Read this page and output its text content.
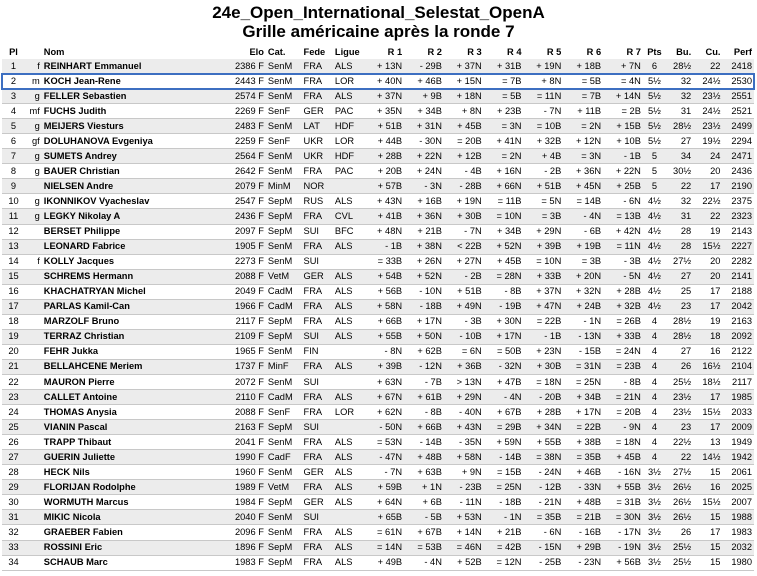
24e_Open_International_Selestat_OpenA
Grille américaine après la ronde 7
Pl		Nom	Elo	Cat.	Fede	Ligue	R 1	R 2	R 3	R 4	R 5	R 6	R 7	Pts	Bu.	Cu.	Perf
1	f	REINHART Emmanuel	2386 F	SenM	FRA	ALS	+ 13N	- 29B	+ 37N	+ 31B	+ 19N	+ 18B	+ 7N	6	28½	22	2418
2	m	KOCH Jean-Rene	2443 F	SenM	FRA	LOR	+ 40N	+ 46B	+ 15N	= 7B	+ 8N	= 5B	= 4N	5½	32	24½	2530
3	g	FELLER Sebastien	2574 F	SenM	FRA	ALS	+ 37N	+ 9B	+ 18N	= 5B	= 11N	= 7B	+ 14N	5½	32	23½	2551
4	mf	FUCHS Judith	2269 F	SenF	GER	PAC	+ 35N	+ 34B	+ 8N	+ 23B	- 7N	+ 11B	= 2B	5½	31	24½	2521
5	g	MEIJERS Viesturs	2483 F	SenM	LAT	HDF	+ 51B	+ 31N	+ 45B	= 3N	= 10B	= 2N	+ 15B	5½	28½	23½	2499
6	gf	DOLUHANOVA Evgeniya	2259 F	SenF	UKR	LOR	+ 44B	- 30N	= 20B	+ 41N	+ 32B	+ 12N	+ 10B	5½	27	19½	2294
7	g	SUMETS Andrey	2564 F	SenM	UKR	HDF	+ 28B	+ 22N	+ 12B	= 2N	+ 4B	= 3N	- 1B	5	34	24	2471
8	g	BAUER Christian	2642 F	SenM	FRA	PAC	+ 20B	+ 24N	- 4B	+ 16N	- 2B	+ 36N	+ 22N	5	30½	20	2436
9		NIELSEN Andre	2079 F	MinM	NOR		+ 57B	- 3N	- 28B	+ 66N	+ 51B	+ 45N	+ 25B	5	22	17	2190
10	g	IKONNIKOV Vyacheslav	2547 F	SepM	RUS	ALS	+ 43N	+ 16B	+ 19N	= 11B	= 5N	= 14B	- 6N	4½	32	22½	2375
11	g	LEGKY Nikolay A	2436 F	SepM	FRA	CVL	+ 41B	+ 36N	+ 30B	= 10N	= 3B	- 4N	= 13B	4½	31	22	2323
12		BERSET Philippe	2097 F	SepM	SUI	BFC	+ 48N	+ 21B	- 7N	+ 34B	+ 29N	- 6B	+ 42N	4½	28	19	2143
13		LEONARD Fabrice	1905 F	SenM	FRA	ALS	- 1B	+ 38N	< 22B	+ 52N	+ 39B	+ 19B	= 11N	4½	28	15½	2227
14	f	KOLLY Jacques	2273 F	SenM	SUI		= 33B	+ 26N	+ 27N	+ 45B	= 10N	= 3B	- 3B	4½	27½	20	2282
15		SCHREMS Hermann	2088 F	VetM	GER	ALS	+ 54B	+ 52N	- 2B	= 28N	+ 33B	+ 20N	- 5N	4½	27	20	2141
16		KHACHATRYAN Michel	2049 F	CadM	FRA	ALS	+ 56B	- 10N	+ 51B	- 8B	+ 37N	+ 32N	+ 28B	4½	25	17	2188
17		PARLAS Kamil-Can	1966 F	CadM	FRA	ALS	+ 58N	- 18B	+ 49N	- 19B	+ 47N	+ 24B	+ 32B	4½	23	17	2042
18		MARZOLF Bruno	2117 F	SepM	FRA	ALS	+ 66B	+ 17N	- 3B	+ 30N	= 22B	- 1N	= 26B	4	28½	19	2163
19		TERRAZ Christian	2109 F	SepM	SUI	ALS	+ 55B	+ 50N	- 10B	+ 17N	- 1B	- 13N	+ 33B	4	28½	18	2092
20		FEHR Jukka	1965 F	SenM	FIN		- 8N	+ 62B	= 6N	= 50B	+ 23N	- 15B	= 24N	4	27	16	2122
21		BELLAHCENE Meriem	1737 F	MinF	FRA	ALS	+ 39B	- 12N	+ 36B	- 32N	+ 30B	= 31N	= 23B	4	26	16½	2104
22		MAURON Pierre	2072 F	SenM	SUI		+ 63N	- 7B	> 13N	+ 47B	= 18N	= 25N	- 8B	4	25½	18½	2117
23		CALLET Antoine	2110 F	CadM	FRA	ALS	+ 67N	+ 61B	+ 29N	- 4N	- 20B	+ 34B	= 21N	4	23½	17	1985
24		THOMAS Anysia	2088 F	SenF	FRA	LOR	+ 62N	- 8B	- 40N	+ 67B	+ 28B	+ 17N	= 20B	4	23½	15½	2033
25		VIANIN Pascal	2163 F	SepM	SUI		- 50N	+ 66B	+ 43N	= 29B	+ 34N	= 22B	- 9N	4	23	17	2009
26		TRAPP Thibaut	2041 F	SenM	FRA	ALS	= 53N	- 14B	- 35N	+ 59N	+ 55B	+ 38B	= 18N	4	22½	13	1949
27		GUERIN Juliette	1990 F	CadF	FRA	ALS	- 47N	+ 48B	+ 58N	- 14B	= 38N	= 35B	+ 45B	4	22	14½	1942
28		HECK Nils	1960 F	SenM	GER	ALS	- 7N	+ 63B	+ 9N	= 15B	- 24N	+ 46B	- 16N	3½	27½	15	2061
29		FLORIJAN Rodolphe	1989 F	VetM	FRA	ALS	+ 59B	+ 1N	- 23B	= 25N	- 12B	- 33N	+ 55B	3½	26½	16	2025
30		WORMUTH Marcus	1984 F	SepM	GER	ALS	+ 64N	+ 6B	- 11N	- 18B	- 21N	+ 48B	= 31B	3½	26½	15½	2007
31		MIKIC Nicola	2040 F	SenM	SUI		+ 65B	- 5B	+ 53N	- 1N	= 35B	= 21B	= 30N	3½	26½	15	1988
32		GRAEBER Fabien	2096 F	SenM	FRA	ALS	= 61N	+ 67B	+ 14N	+ 21B	- 6N	- 16B	- 17N	3½	26	17	1983
33		ROSSINI Eric	1896 F	SepM	FRA	ALS	= 14N	= 53B	= 46N	= 42B	- 15N	+ 29B	- 19N	3½	25½	15	2032
34		SCHAUB Marc	1983 F	SepM	FRA	ALS	+ 49B	- 4N	+ 52B	= 12N	- 25B	- 23N	+ 56B	3½	25½	15	1980
